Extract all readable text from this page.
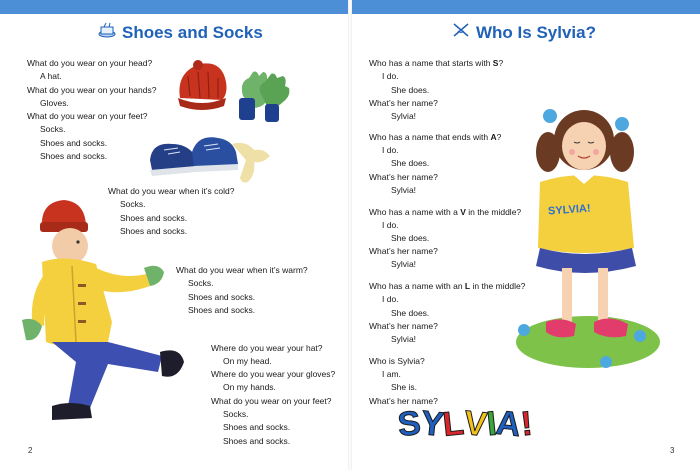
Shoes and Socks
What do you wear on your head?
A hat.
What do you wear on your hands?
Gloves.
What do you wear on your feet?
Socks.
Shoes and socks.
Shoes and socks.
What do you wear when it’s cold?
Socks.
Shoes and socks.
Shoes and socks.
What do you wear when it’s warm?
Socks.
Shoes and socks.
Shoes and socks.
Where do you wear your hat?
On my head.
Where do you wear your gloves?
On my hands.
What do you wear on your feet?
Socks.
Shoes and socks.
Shoes and socks.
2
Who Is Sylvia?
Who has a name that starts with S?
I do.
She does.
What’s her name?
Sylvia!
Who has a name that ends with A?
I do.
She does.
What’s her name?
Sylvia!
Who has a name with a V in the middle?
I do.
She does.
What’s her name?
Sylvia!
Who has a name with an L in the middle?
I do.
She does.
What’s her name?
Sylvia!
Who is Sylvia?
I am.
She is.
What’s her name?
3
SYLVIA!
S
Y
L
V
I
A
!
